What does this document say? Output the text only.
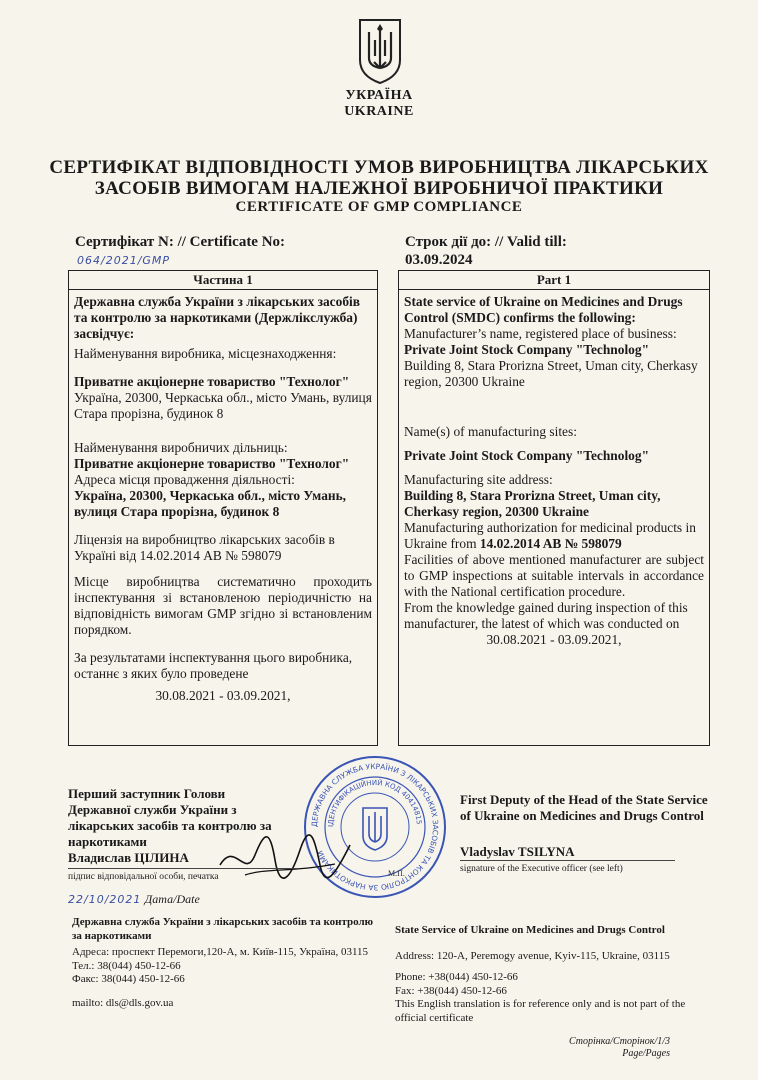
УКРАЇНА
UKRAINE
СЕРТИФІКАТ ВІДПОВІДНОСТІ УМОВ ВИРОБНИЦТВА ЛІКАРСЬКИХ
ЗАСОБІВ ВИМОГАМ НАЛЕЖНОЇ ВИРОБНИЧОЇ ПРАКТИКИ
CERTIFICATE OF GMP COMPLIANCE
Сертифікат N: // Certificate No:
064/2021/GMP
Строк дії до: // Valid till:
03.09.2024
Частина 1

Державна служба України з лікарських засобів та контролю за наркотиками (Держлікслужба) засвідчує:

Найменування виробника, місцезнаходження:

Приватне акціонерне товариство "Технолог"

Україна, 20300, Черкаська обл., місто Умань, вулиця Стара прорізна, будинок 8

Найменування виробничих дільниць:

Приватне акціонерне товариство "Технолог"

Адреса місця провадження діяльності:

Україна, 20300, Черкаська обл., місто Умань, вулиця Стара прорізна, будинок 8

Ліцензія на виробництво лікарських засобів в Україні від 14.02.2014 АВ № 598079

Місце виробництва систематично проходить інспектування зі встановленою періодичністю на відповідність вимогам GMP згідно зі встановленим порядком.

За результатами інспектування цього виробника, останнє з яких було проведене

30.08.2021 - 03.09.2021,

Part 1

State service of Ukraine on Medicines and Drugs Control (SMDC) confirms the following:

Manufacturer’s name, registered place of business:

Private Joint Stock Company "Technolog"

Building 8, Stara Prorizna Street, Uman city, Cherkasy region, 20300 Ukraine

Name(s) of manufacturing sites:

Private Joint Stock Company "Technolog"

Manufacturing site address:

Building 8, Stara Prorizna Street, Uman city, Cherkasy region, 20300 Ukraine

Manufacturing authorization for medicinal products in Ukraine from 14.02.2014 AB № 598079

Facilities of above mentioned manufacturer are subject to GMP inspections at suitable intervals in accordance with the National certification procedure.

From the knowledge gained during inspection of this manufacturer, the latest of which was conducted on

30.08.2021 - 03.09.2021,

ДЕРЖАВНА СЛУЖБА УКРАЇНИ З ЛІКАРСЬКИХ ЗАСОБІВ ТА КОНТРОЛЮ ЗА НАРКОТИКАМИ
ІДЕНТИФІКАЦІЙНИЙ КОД 40414815
М.П.
Перший заступник Голови
Державної служби України з
лікарських засобів та контролю за
наркотиками
Владислав ЦІЛИНА
підпис відповідальної особи, печатка
22/10/2021 Дата/Date
First Deputy of the Head of the State Service of Ukraine on Medicines and Drugs Control
Vladyslav TSILYNA
signature of the Executive officer (see left)
Державна служба України з лікарських засобів та контролю за наркотиками
Адреса: проспект Перемоги,120-А, м. Київ-115, Україна, 03115
Тел.: 38(044) 450-12-66
Факс: 38(044) 450-12-66
mailto: dls@dls.gov.ua
State Service of Ukraine on Medicines and Drugs Control
Address: 120-A, Peremogy avenue, Kyiv-115, Ukraine, 03115
Phone: +38(044) 450-12-66
Fax: +38(044) 450-12-66
This English translation is for reference only and is not part of the official certificate
Сторінка/Сторінок/1/3
Page/Pages
